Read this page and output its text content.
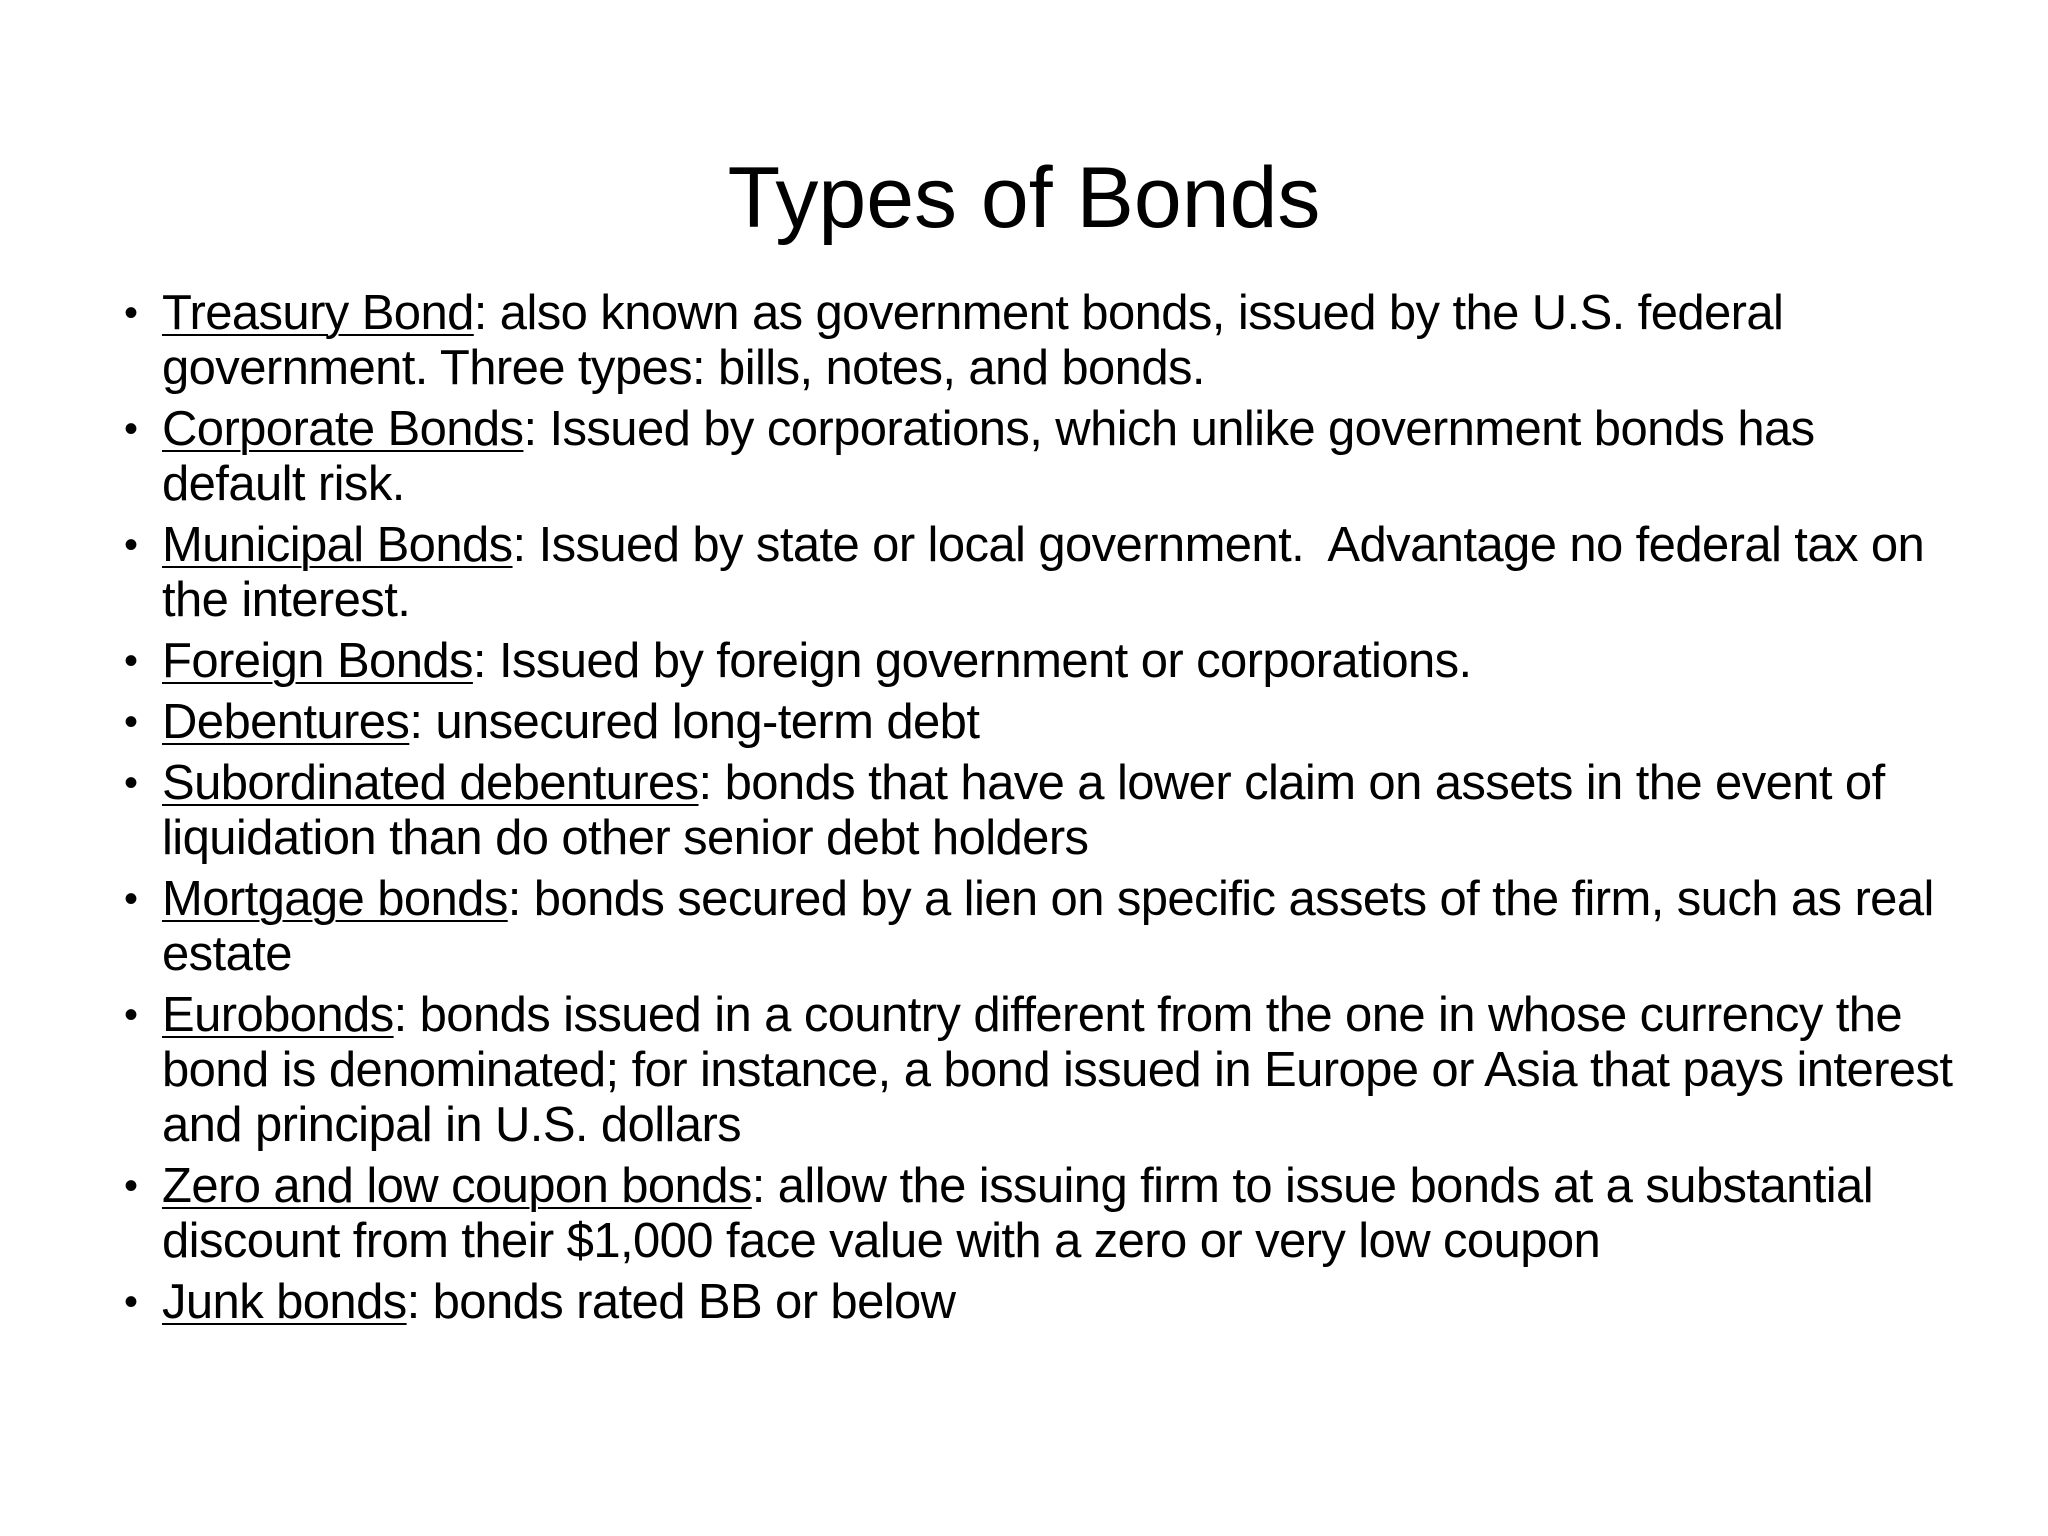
Types of Bonds
• Treasury Bond: also known as government bonds, issued by the U.S. federal government. Three types: bills, notes, and bonds.
• Corporate Bonds: Issued by corporations, which unlike government bonds has default risk.
• Municipal Bonds: Issued by state or local government.  Advantage no federal tax on the interest.
• Foreign Bonds: Issued by foreign government or corporations.
• Debentures: unsecured long-term debt
• Subordinated debentures: bonds that have a lower claim on assets in the event of liquidation than do other senior debt holders
• Mortgage bonds: bonds secured by a lien on specific assets of the firm, such as real estate
• Eurobonds: bonds issued in a country different from the one in whose currency the bond is denominated; for instance, a bond issued in Europe or Asia that pays interest and principal in U.S. dollars
• Zero and low coupon bonds: allow the issuing firm to issue bonds at a substantial discount from their $1,000 face value with a zero or very low coupon
• Junk bonds: bonds rated BB or below
